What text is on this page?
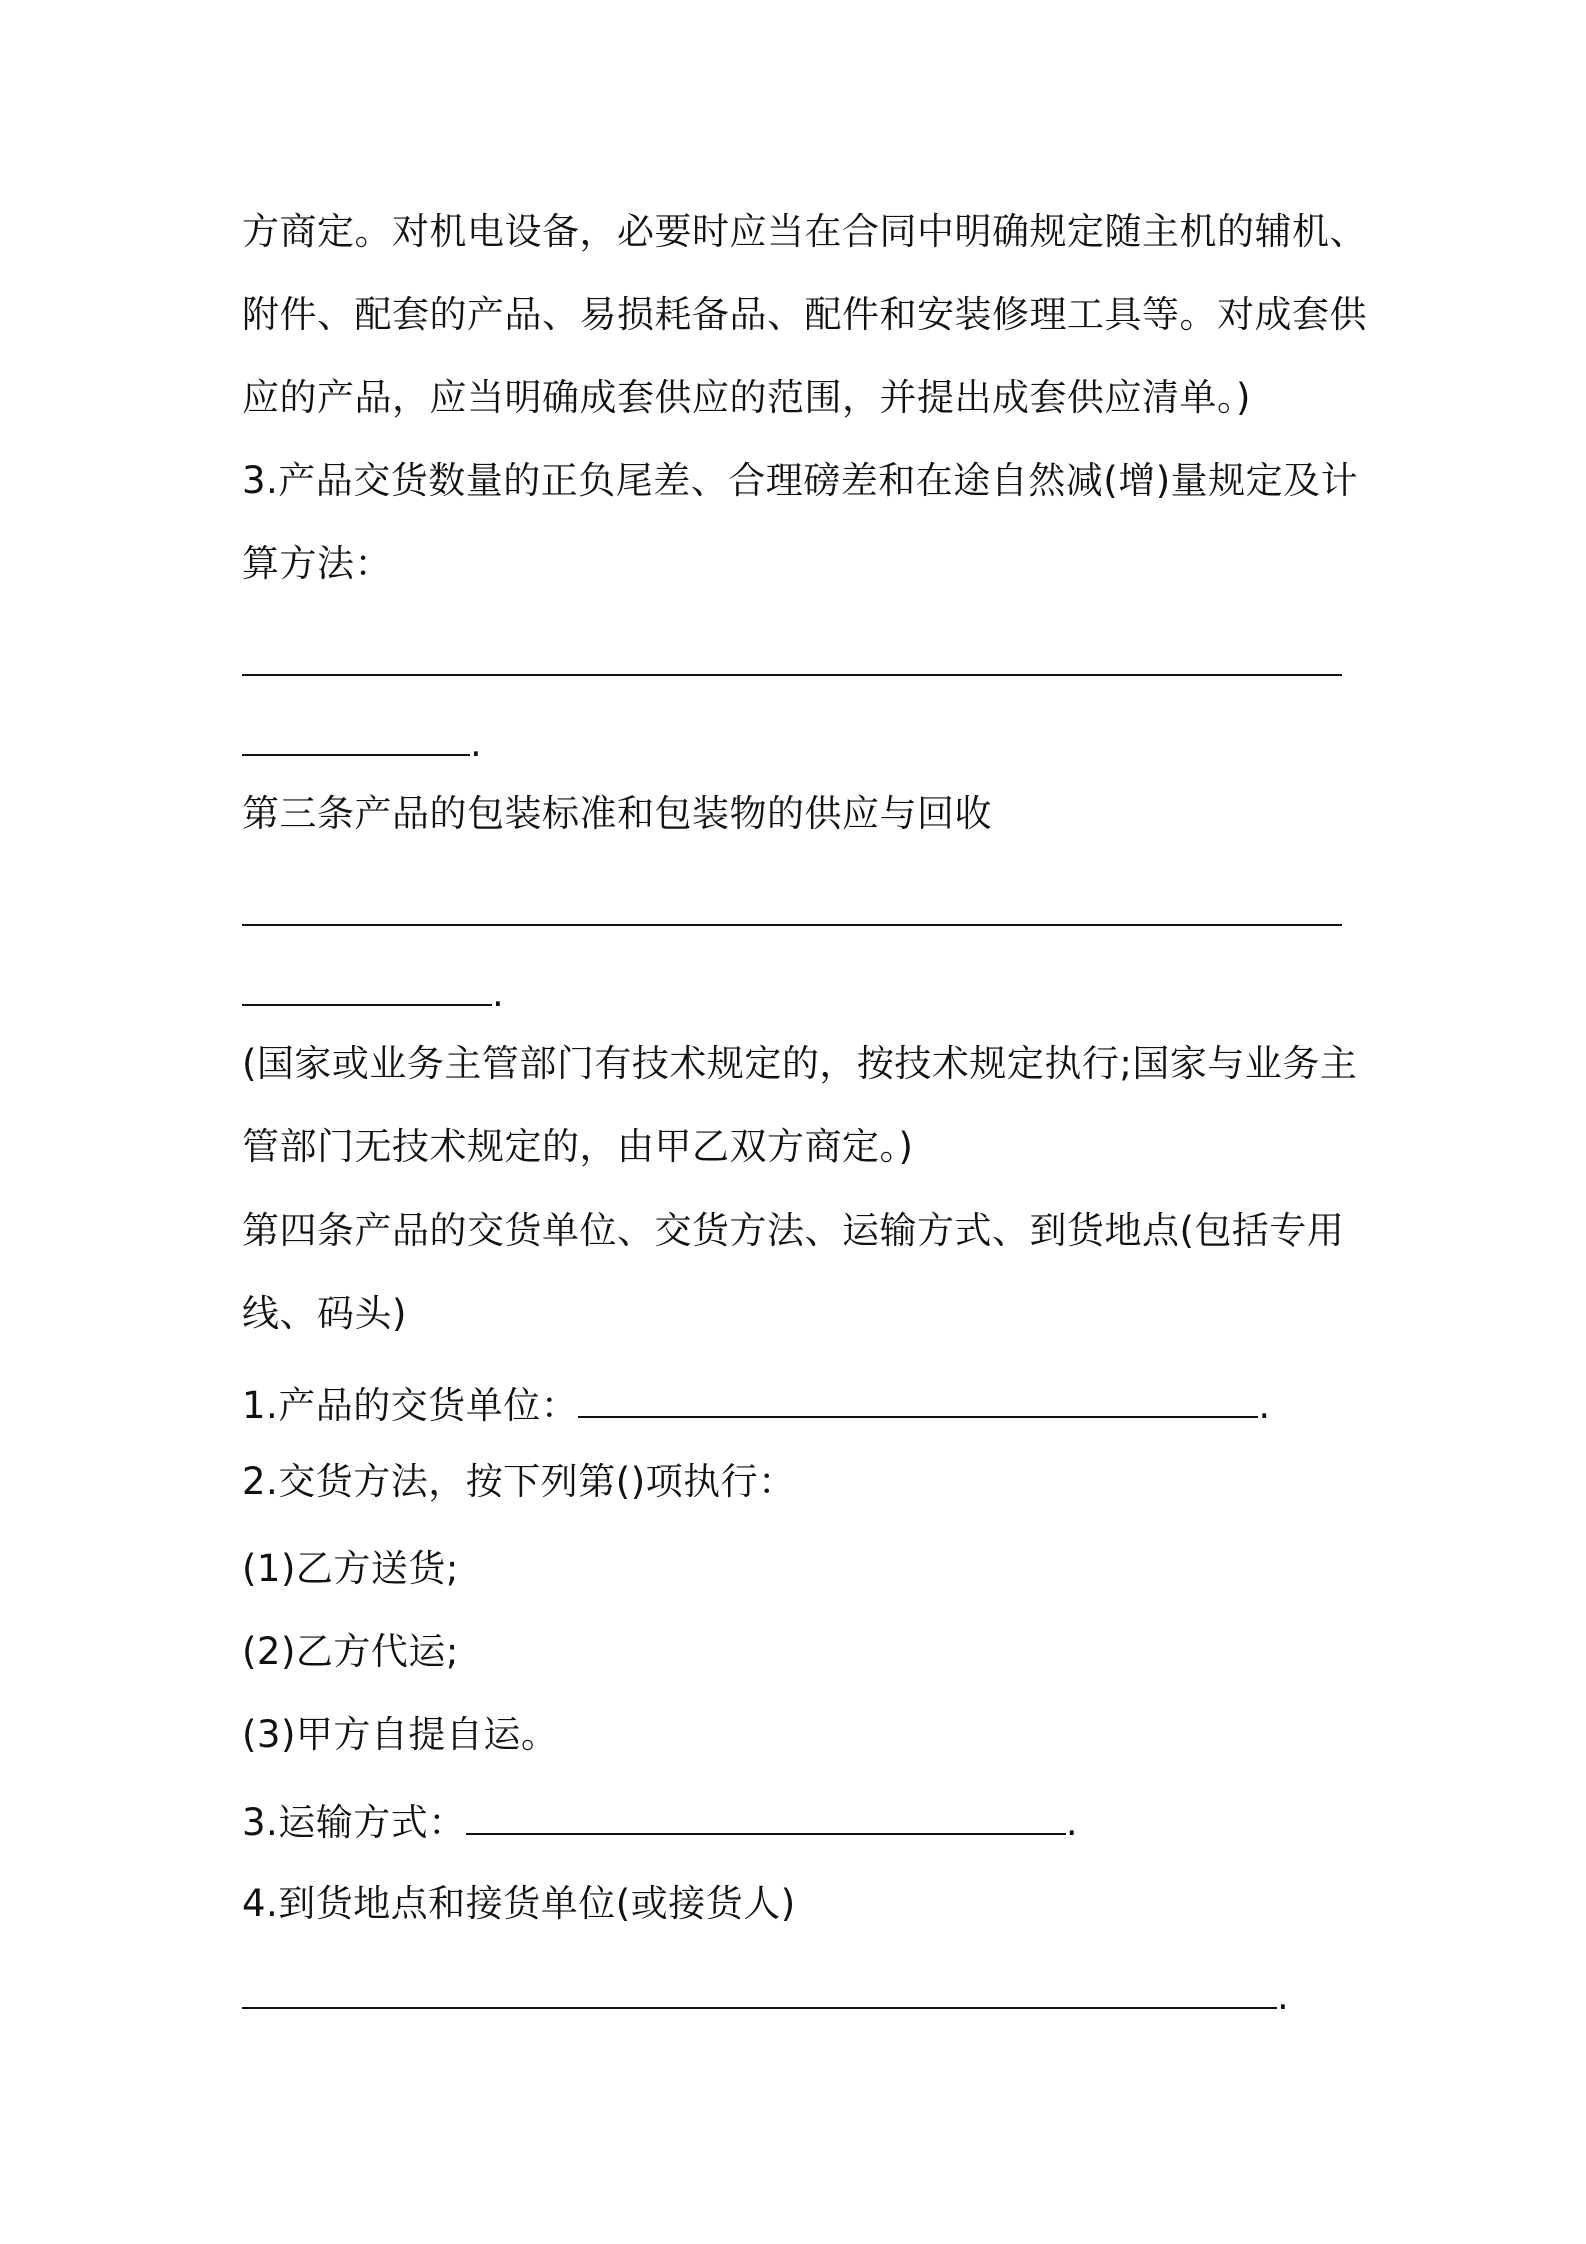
方商定。对机电设备，必要时应当在合同中明确规定随主机的辅机、
附件、配套的产品、易损耗备品、配件和安装修理工具等。对成套供
应的产品，应当明确成套供应的范围，并提出成套供应清单。)
3.产品交货数量的正负尾差、合理磅差和在途自然减(增)量规定及计
算方法：
.
第三条产品的包装标准和包装物的供应与回收
.
(国家或业务主管部门有技术规定的，按技术规定执行;国家与业务主
管部门无技术规定的，由甲乙双方商定。)
第四条产品的交货单位、交货方法、运输方式、到货地点(包括专用
线、码头)
1.产品的交货单位：	.
2.交货方法，按下列第()项执行：
(1)乙方送货;
(2)乙方代运;
(3)甲方自提自运。
3.运输方式：	.
4.到货地点和接货单位(或接货人)
.
